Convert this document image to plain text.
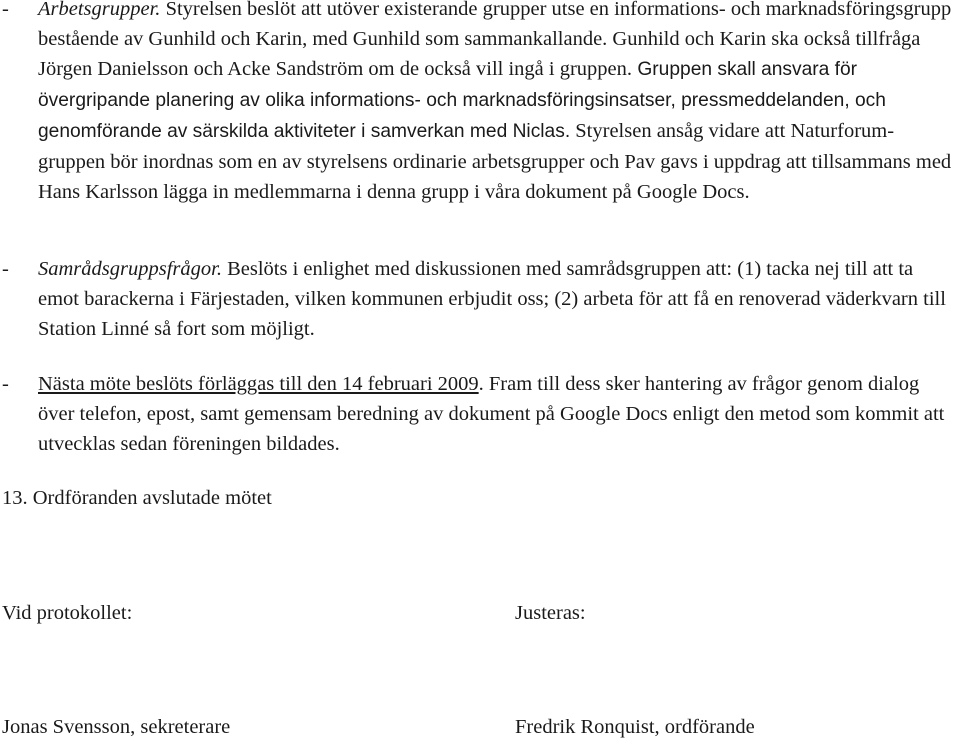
- Arbetsgrupper. Styrelsen beslöt att utöver existerande grupper utse en informations- och marknadsföringsgrupp bestående av Gunhild och Karin, med Gunhild som sammankallande. Gunhild och Karin ska också tillfråga Jörgen Danielsson och Acke Sandström om de också vill ingå i gruppen. Gruppen skall ansvara för övergripande planering av olika informations- och marknadsföringsinsatser, pressmeddelanden, och genomförande av särskilda aktiviteter i samverkan med Niclas. Styrelsen ansåg vidare att Naturforum-gruppen bör inordnas som en av styrelsens ordinarie arbetsgrupper och Pav gavs i uppdrag att tillsammans med Hans Karlsson lägga in medlemmarna i denna grupp i våra dokument på Google Docs.
- Samrådsgruppsfrågor. Beslöts i enlighet med diskussionen med samrådsgruppen att: (1) tacka nej till att ta emot barackerna i Färjestaden, vilken kommunen erbjudit oss; (2) arbeta för att få en renoverad väderkvarn till Station Linné så fort som möjligt.
- Nästa möte beslöts förläggas till den 14 februari 2009. Fram till dess sker hantering av frågor genom dialog över telefon, epost, samt gemensam beredning av dokument på Google Docs enligt den metod som kommit att utvecklas sedan föreningen bildades.
13. Ordföranden avslutade mötet
Vid protokollet:	Justeras:
Jonas Svensson, sekreterare	Fredrik Ronquist, ordförande
